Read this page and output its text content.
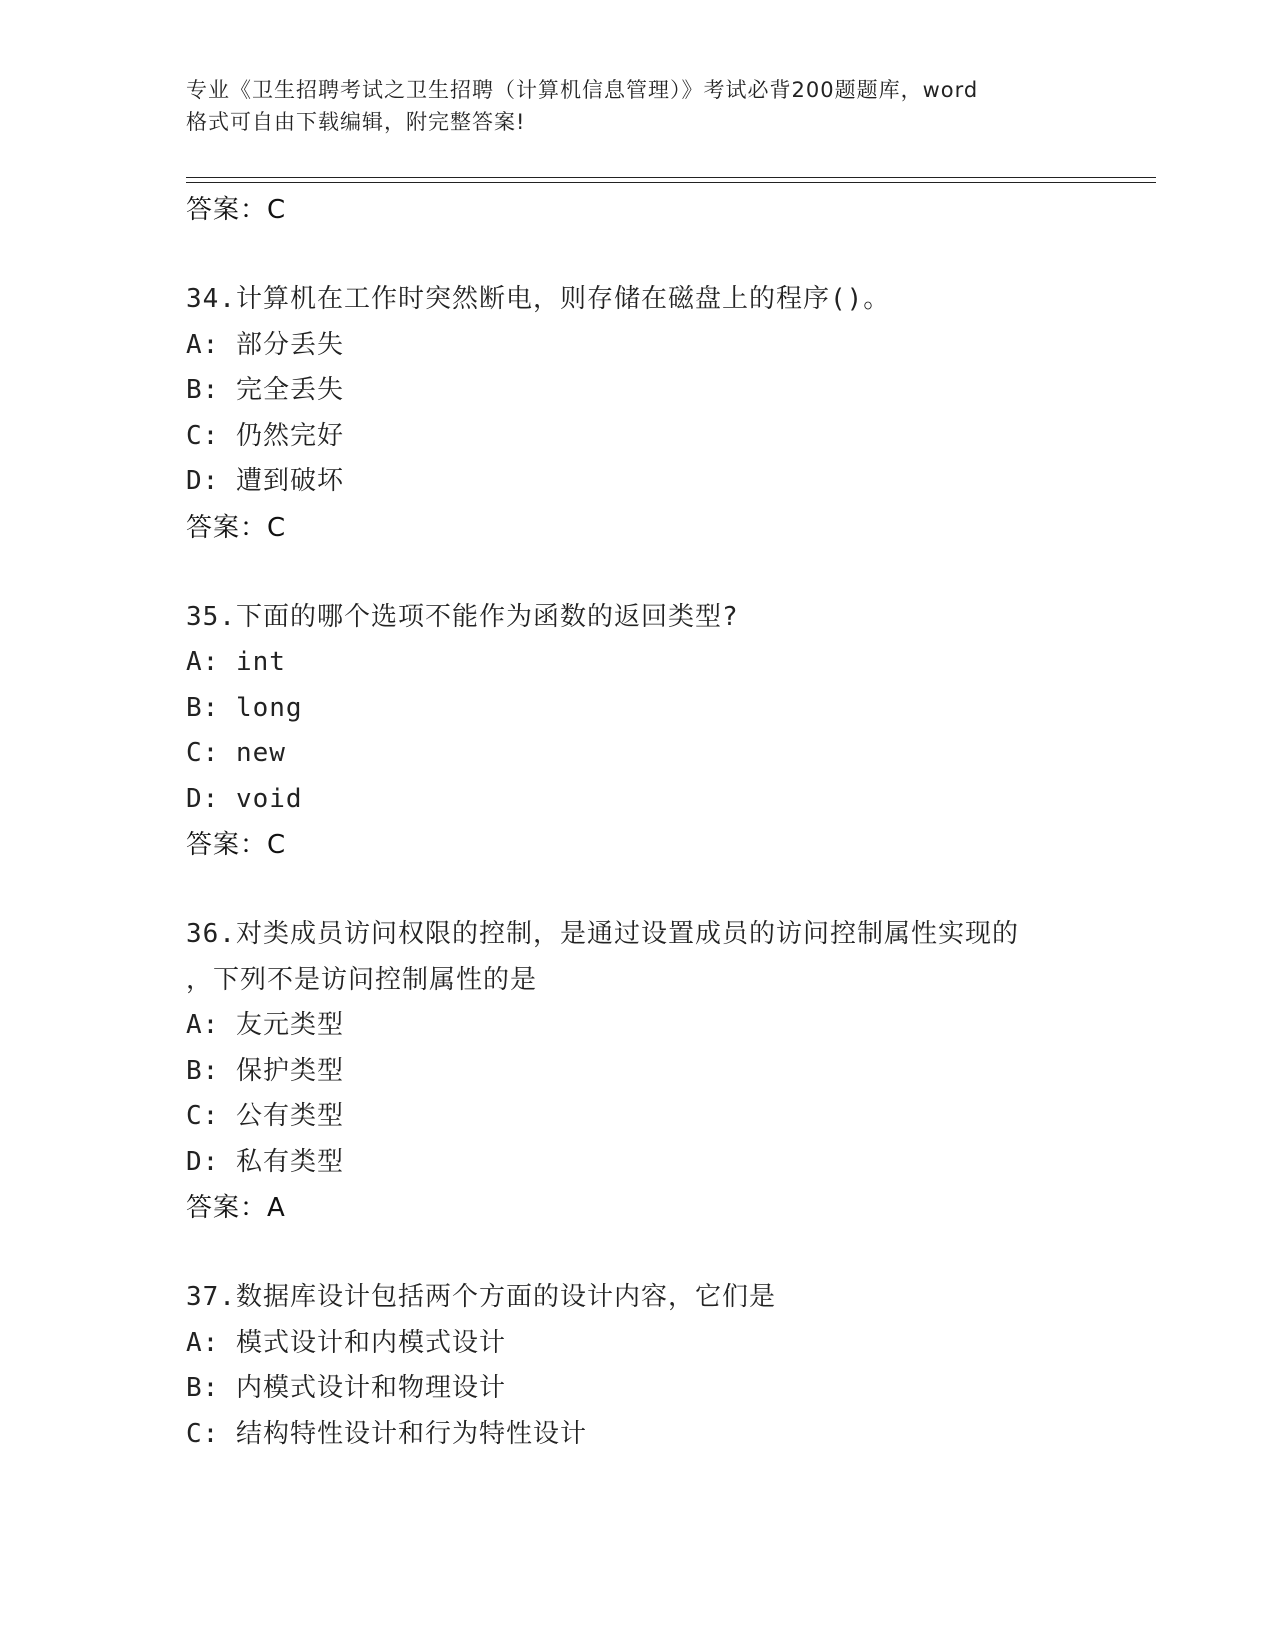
专业《卫生招聘考试之卫生招聘（计算机信息管理）》考试必背200题题库，word
格式可自由下载编辑，附完整答案!
答案：C
34.计算机在工作时突然断电，则存储在磁盘上的程序()。
A: 部分丢失
B: 完全丢失
C: 仍然完好
D: 遭到破坏
答案：C
35.下面的哪个选项不能作为函数的返回类型?
A: int
B: long
C: new
D: void
答案：C
36.对类成员访问权限的控制，是通过设置成员的访问控制属性实现的
，下列不是访问控制属性的是
A: 友元类型
B: 保护类型
C: 公有类型
D: 私有类型
答案：A
37.数据库设计包括两个方面的设计内容，它们是
A: 模式设计和内模式设计
B: 内模式设计和物理设计
C: 结构特性设计和行为特性设计
